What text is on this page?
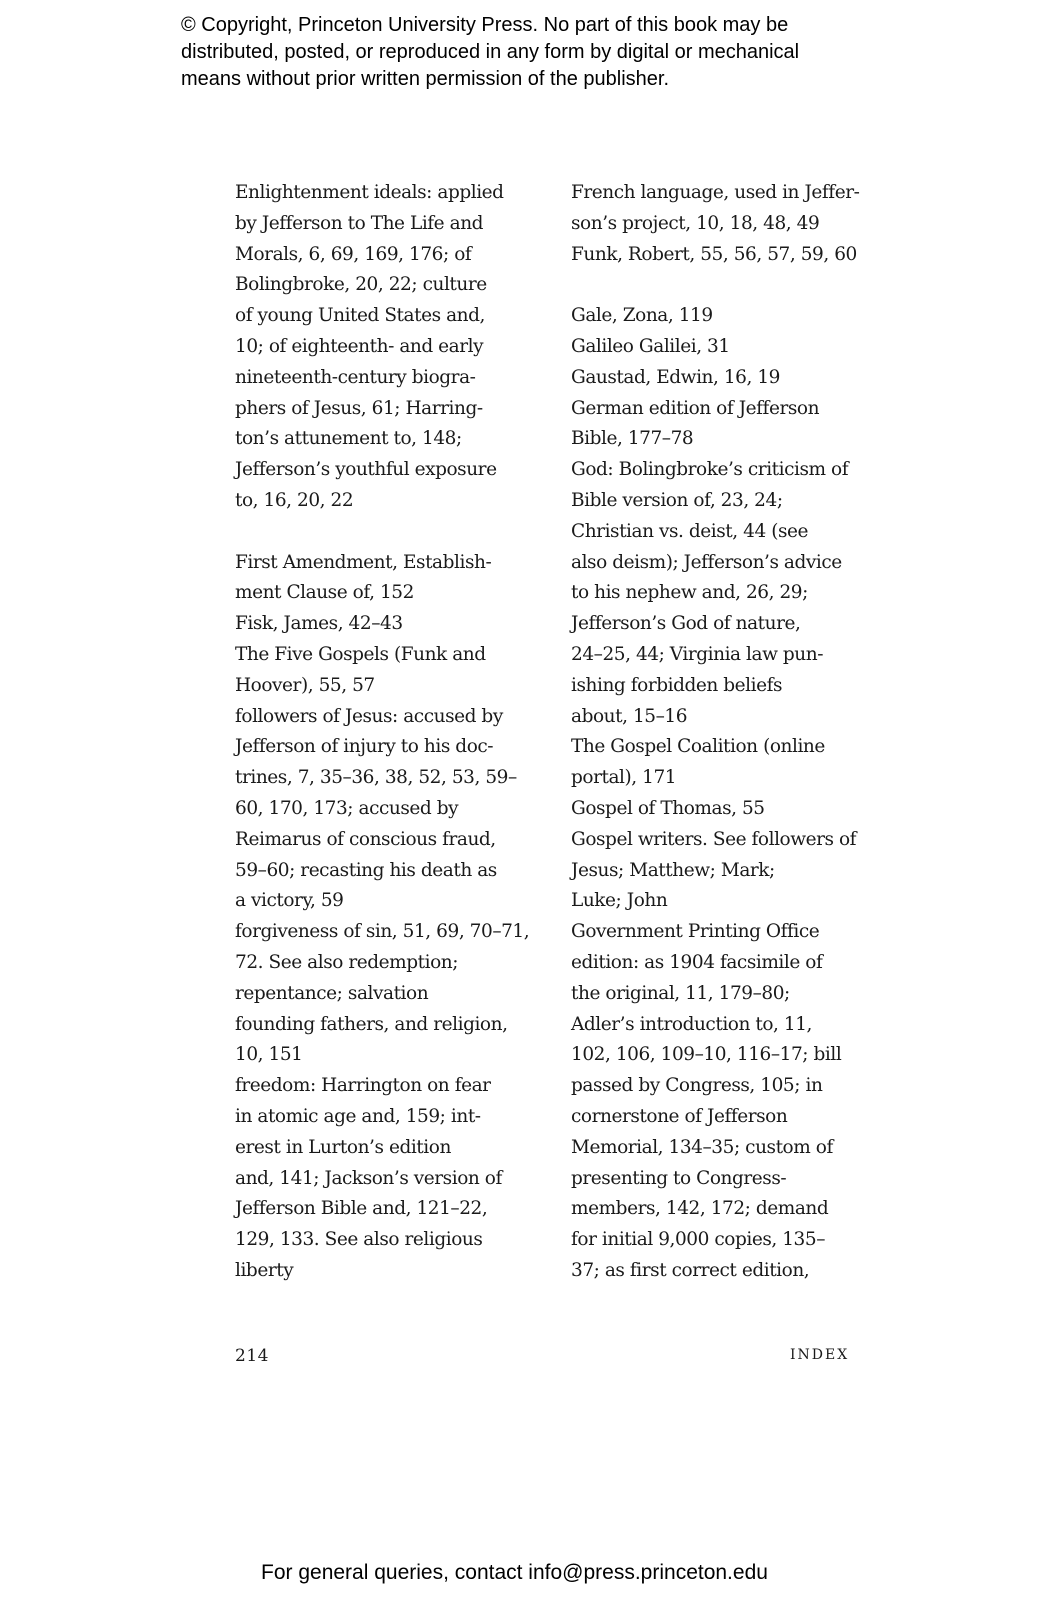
© Copyright, Princeton University Press. No part of this book may be
distributed, posted, or reproduced in any form by digital or mechanical
means without prior written permission of the publisher.
Enlightenment ideals: applied
by Jefferson to The Life and
Morals, 6, 69, 169, 176; of
Bolingbroke, 20, 22; culture
of young United States and,
10; of eighteenth- and early
nineteenth-century biogra-
phers of Jesus, 61; Harring-
ton’s attunement to, 148;
Jefferson’s youthful exposure
to, 16, 20, 22
First Amendment, Establish-
ment Clause of, 152
Fisk, James, 42–43
The Five Gospels (Funk and
Hoover), 55, 57
followers of Jesus: accused by
Jefferson of injury to his doc-
trines, 7, 35–36, 38, 52, 53, 59–
60, 170, 173; accused by
Reimarus of conscious fraud,
59–60; recasting his death as
a victory, 59
forgiveness of sin, 51, 69, 70–71,
72. See also redemption;
repentance; salvation
founding fathers, and religion,
10, 151
freedom: Harrington on fear
in atomic age and, 159; int-
erest in Lurton’s edition
and, 141; Jackson’s version of
Jefferson Bible and, 121–22,
129, 133. See also religious
liberty
French language, used in Jeffer-
son’s project, 10, 18, 48, 49
Funk, Robert, 55, 56, 57, 59, 60
Gale, Zona, 119
Galileo Galilei, 31
Gaustad, Edwin, 16, 19
German edition of Jefferson
Bible, 177–78
God: Bolingbroke’s criticism of
Bible version of, 23, 24;
Christian vs. deist, 44 (see
also deism); Jefferson’s advice
to his nephew and, 26, 29;
Jefferson’s God of nature,
24–25, 44; Virginia law pun-
ishing forbidden beliefs
about, 15–16
The Gospel Coalition (online
portal), 171
Gospel of Thomas, 55
Gospel writers. See followers of
Jesus; Matthew; Mark;
Luke; John
Government Printing Office
edition: as 1904 facsimile of
the original, 11, 179–80;
Adler’s introduction to, 11,
102, 106, 109–10, 116–17; bill
passed by Congress, 105; in
cornerstone of Jefferson
Memorial, 134–35; custom of
presenting to Congress-
members, 142, 172; demand
for initial 9,000 copies, 135–
37; as first correct edition,
214	INDEX
For general queries, contact info@press.princeton.edu
